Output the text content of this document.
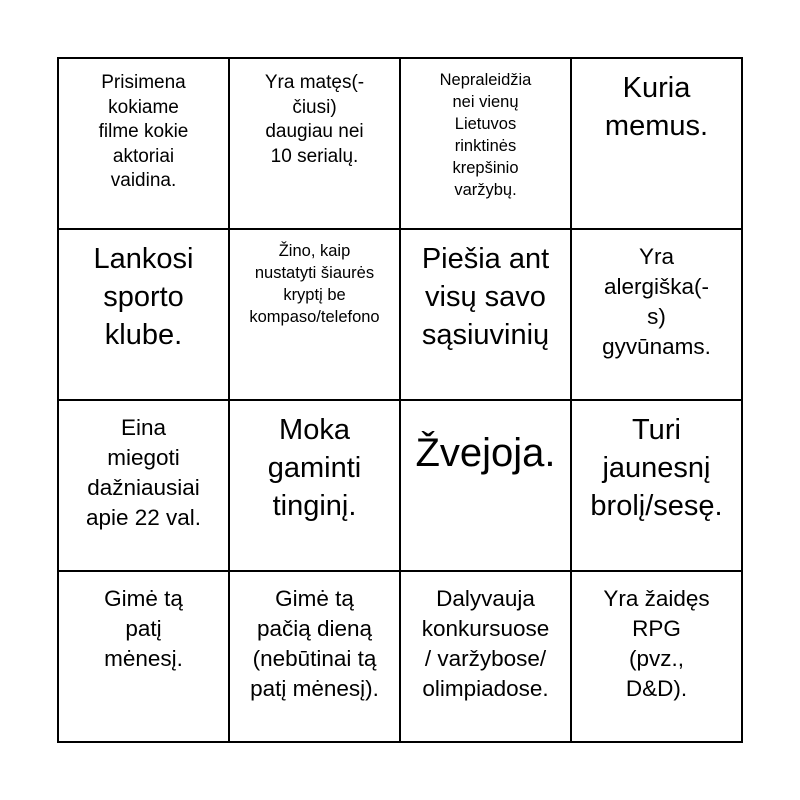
Prisimena
kokiame
filme kokie
aktoriai
vaidina.
Yra matęs(-
čiusi)
daugiau nei
10 serialų.
Nepraleidžia
nei vienų
Lietuvos
rinktinės
krepšinio
varžybų.
Kuria
memus.
Lankosi
sporto
klube.
Žino, kaip
nustatyti šiaurės
kryptį be
kompaso/telefono
Piešia ant
visų savo
sąsiuvinių
Yra
alergiška(-
s)
gyvūnams.
Eina
miegoti
dažniausiai
apie 22 val.
Moka
gaminti
tinginį.
Žvejoja.
Turi
jaunesnį
brolį/sesę.
Gimė tą
patį
mėnesį.
Gimė tą
pačią dieną
(nebūtinai tą
patį mėnesį).
Dalyvauja
konkursuose
/ varžybose/
olimpiadose.
Yra žaidęs
RPG
(pvz.,
D&D).
